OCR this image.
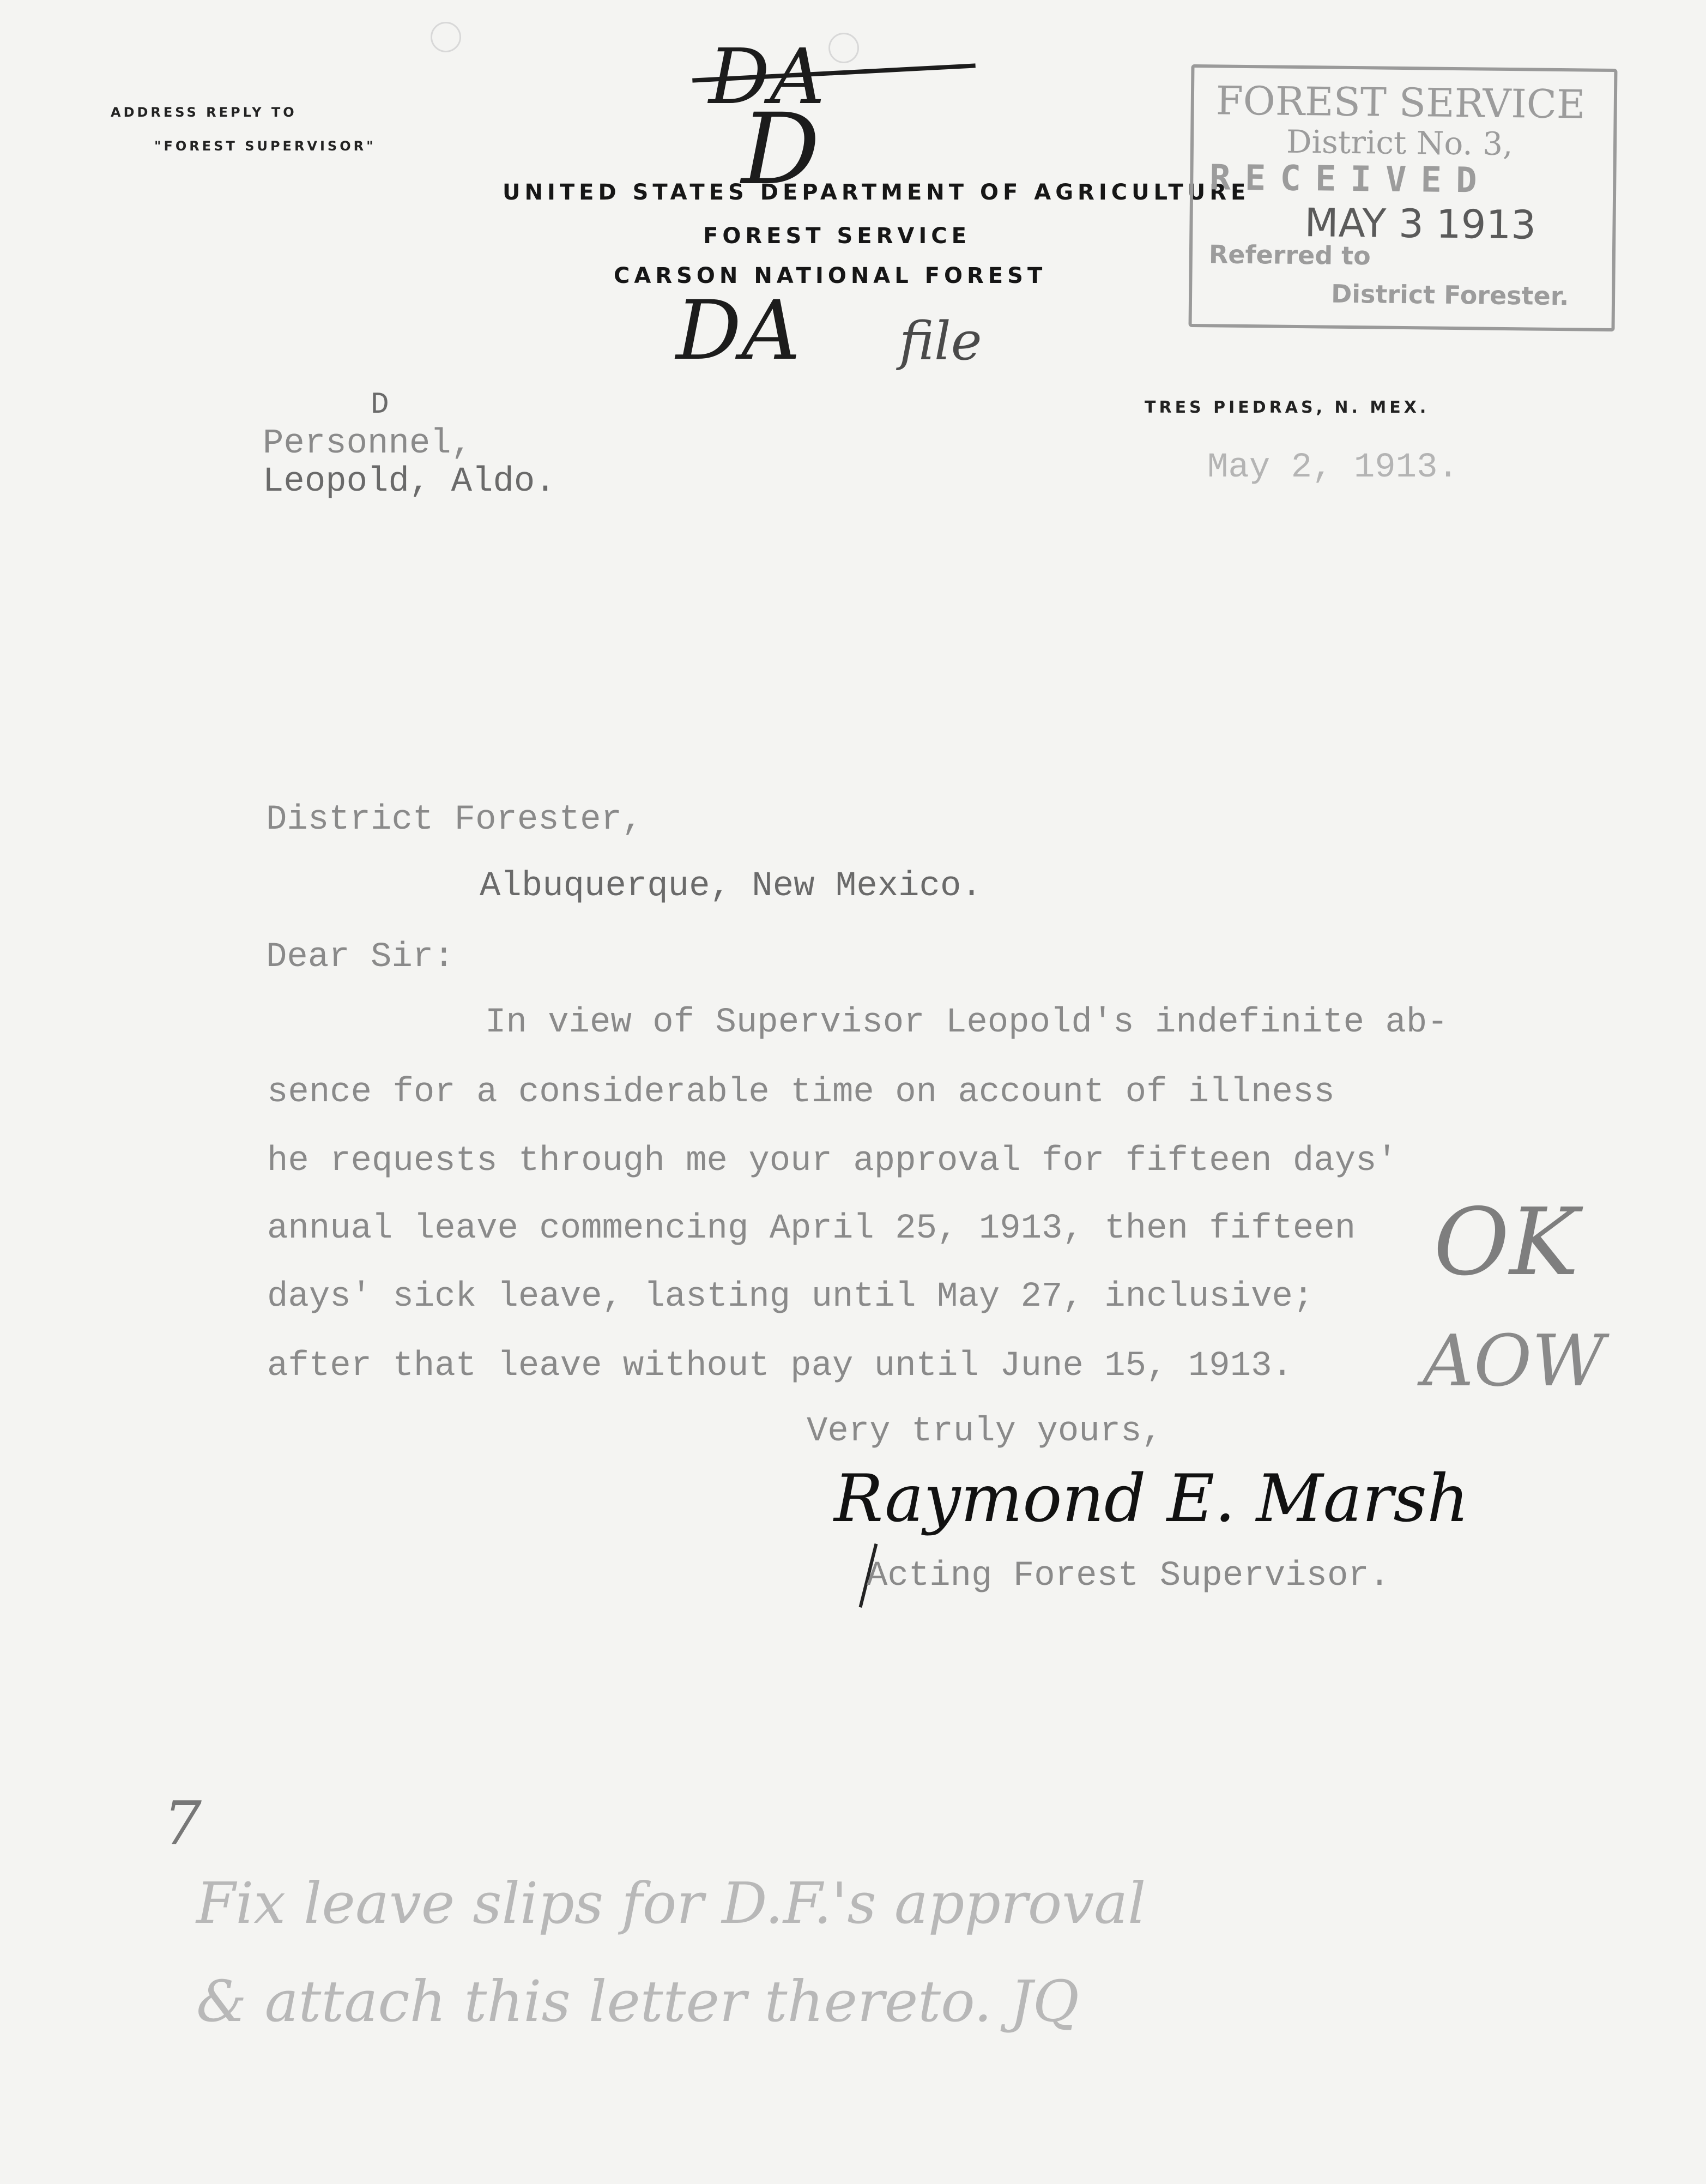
ADDRESS REPLY TO
"FOREST SUPERVISOR"
DA
D
UNITED STATES DEPARTMENT OF AGRICULTURE
FOREST SERVICE
CARSON NATIONAL FOREST
DA file
FOREST SERVICE
District No. 3,
RECEIVED
MAY 3 1913
Referred to
District Forester.
TRES PIEDRAS, N. MEX.
D
Personnel,
Leopold, Aldo.	May 2, 1913.
District Forester,
Albuquerque, New Mexico.
Dear Sir:
In view of Supervisor Leopold's indefinite ab-
sence for a considerable time on account of illness
he requests through me your approval for fifteen days'
annual leave commencing April 25, 1913, then fifteen
days' sick leave, lasting until May 27, inclusive;
after that leave without pay until June 15, 1913.
OK
AOW
Very truly yours,
Raymond E. Marsh
Acting Forest Supervisor.
7
Fix leave slips for D.F.'s approval
& attach this letter thereto. JQ
